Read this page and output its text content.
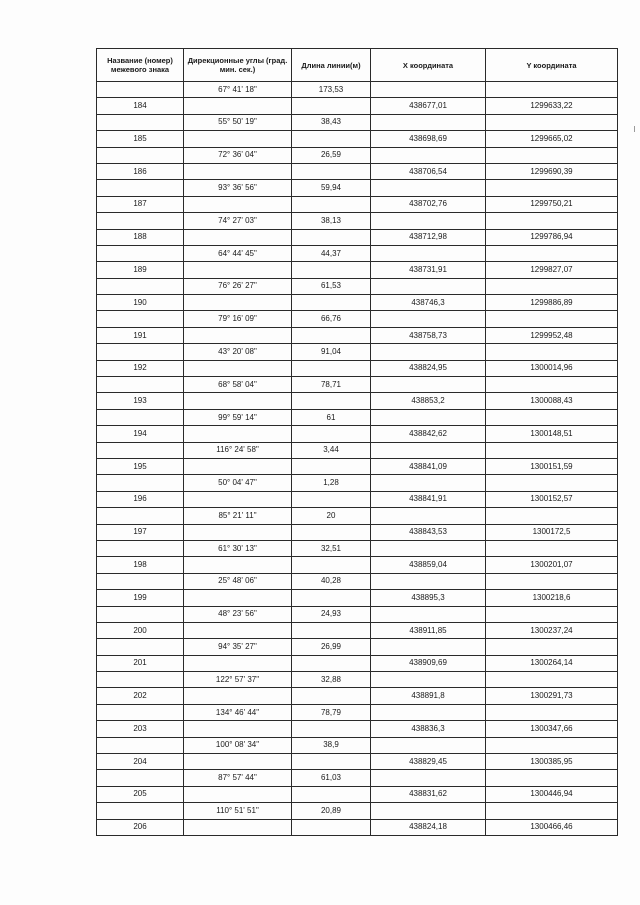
Название (номер) межевого знака	Дирекционные углы (град. мин. сек.)	Длина линии(м)	X координата	Y координата
	67° 41' 18"	173,53		
184			438677,01	1299633,22
	55° 50' 19"	38,43		
185			438698,69	1299665,02
	72° 36' 04"	26,59		
186			438706,54	1299690,39
	93° 36' 56"	59,94		
187			438702,76	1299750,21
	74° 27' 03"	38,13		
188			438712,98	1299786,94
	64° 44' 45"	44,37		
189			438731,91	1299827,07
	76° 26' 27"	61,53		
190			438746,3	1299886,89
	79° 16' 09"	66,76		
191			438758,73	1299952,48
	43° 20' 08"	91,04		
192			438824,95	1300014,96
	68° 58' 04"	78,71		
193			438853,2	1300088,43
	99° 59' 14"	61		
194			438842,62	1300148,51
	116° 24' 58"	3,44		
195			438841,09	1300151,59
	50° 04' 47"	1,28		
196			438841,91	1300152,57
	85° 21' 11"	20		
197			438843,53	1300172,5
	61° 30' 13"	32,51		
198			438859,04	1300201,07
	25° 48' 06"	40,28		
199			438895,3	1300218,6
	48° 23' 56"	24,93		
200			438911,85	1300237,24
	94° 35' 27"	26,99		
201			438909,69	1300264,14
	122° 57' 37"	32,88		
202			438891,8	1300291,73
	134° 46' 44"	78,79		
203			438836,3	1300347,66
	100° 08' 34"	38,9		
204			438829,45	1300385,95
	87° 57' 44"	61,03		
205			438831,62	1300446,94
	110° 51' 51"	20,89		
206			438824,18	1300466,46
